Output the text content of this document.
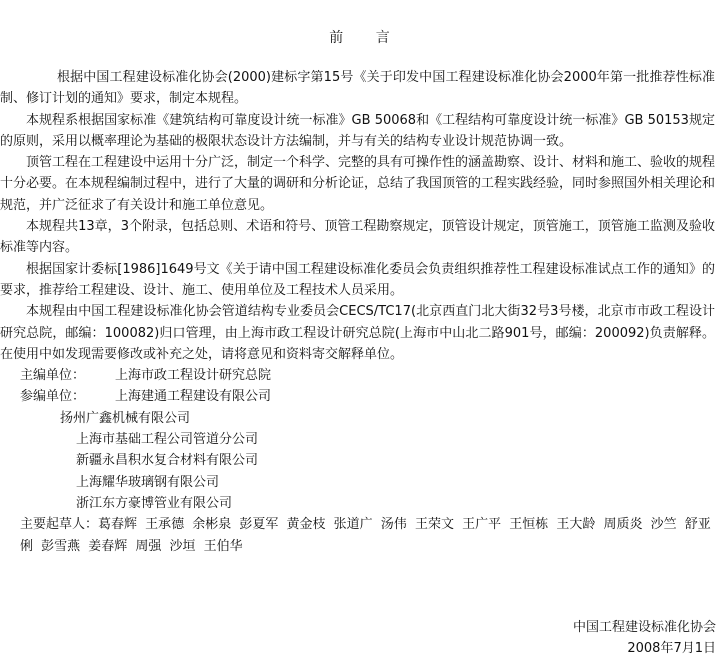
前 言

根据中国工程建设标准化协会(2000)建标字第15号《关于印发中国工程建设标准化协会2000年第一批推荐性标准制、修订计划的通知》要求，制定本规程。

本规程系根据国家标准《建筑结构可靠度设计统一标准》GB 50068和《工程结构可靠度设计统一标准》GB 50153规定的原则，采用以概率理论为基础的极限状态设计方法编制，并与有关的结构专业设计规范协调一致。

顶管工程在工程建设中运用十分广泛，制定一个科学、完整的具有可操作性的涵盖勘察、设计、材料和施工、验收的规程十分必要。在本规程编制过程中，进行了大量的调研和分析论证，总结了我国顶管的工程实践经验，同时参照国外相关理论和规范，并广泛征求了有关设计和施工单位意见。

本规程共13章，3个附录，包括总则、术语和符号、顶管工程勘察规定，顶管设计规定，顶管施工，顶管施工监测及验收标准等内容。

根据国家计委标[1986]1649号文《关于请中国工程建设标准化委员会负责组织推荐性工程建设标准试点工作的通知》的要求，推荐给工程建设、设计、施工、使用单位及工程技术人员采用。

本规程由中国工程建设标准化协会管道结构专业委员会CECS/TC17(北京西直门北大街32号3号楼，北京市市政工程设计研究总院，邮编：100082)归口管理，由上海市政工程设计研究总院(上海市中山北二路901号，邮编：200092)负责解释。在使用中如发现需要修改或补充之处，请将意见和资料寄交解释单位。

主编单位： 上海市政工程设计研究总院
参编单位： 上海建通工程建设有限公司
扬州广鑫机械有限公司
上海市基础工程公司管道分公司
新疆永昌积水复合材料有限公司
上海耀华玻璃钢有限公司
浙江东方豪博管业有限公司

主要起草人：葛春辉 王承德 余彬泉 彭夏军 黄金枝 张道广 汤伟 王荣文 王广平 王恒栋 王大龄 周质炎 沙竺 舒亚俐 彭雪燕 姜春辉 周强 沙垣 王伯华

中国工程建设标准化协会
2008年7月1日
